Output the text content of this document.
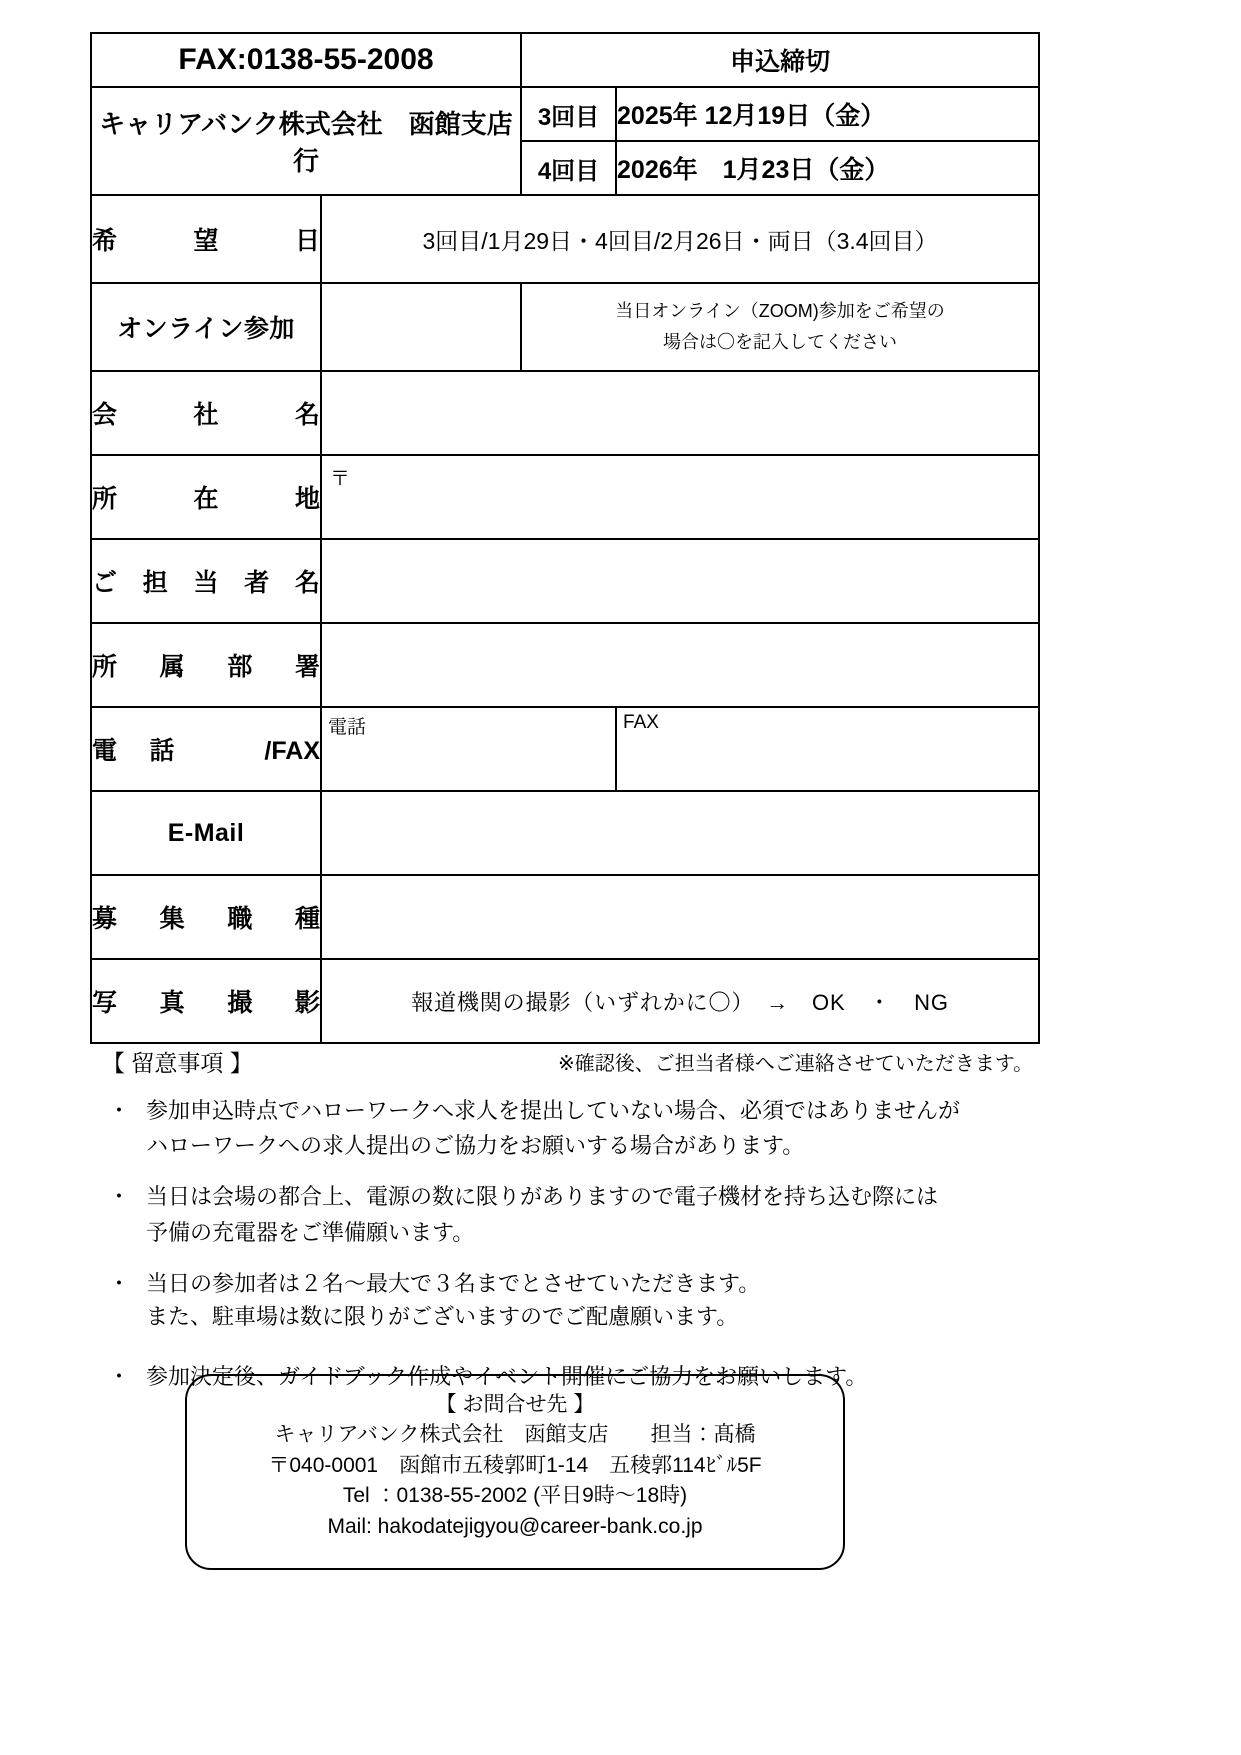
FAX:0138-55-2008		申込締切	
キャリアバンク株式会社　函館支店行		3回目	2025年 12月19日（金）
		4回目	2026年　1月23日（金）
希望日	3回目/1月29日・4回目/2月26日・両日（3.4回目）		
オンライン参加		当日オンライン（ZOOM)参加をご希望の
場合は〇を記入してください	
会社名			
所在地	〒		

ご担当者名			
所属部署			
電話　/FAX	電話		FAX

E-Mail			
募集職種			
写真撮影	報道機関の撮影（いずれかに〇）　→　OK　・　NG		
【 留意事項 】	※確認後、ご担当者様へご連絡させていただきます。
・ 参加申込時点でハローワークへ求人を提出していない場合、必須ではありませんが
ハローワークへの求人提出のご協力をお願いする場合があります。
・ 当日は会場の都合上、電源の数に限りがありますので電子機材を持ち込む際には
予備の充電器をご準備願います。
・ 当日の参加者は２名〜最大で３名までとさせていただきます。
また、駐車場は数に限りがございますのでご配慮願います。
・ 参加決定後、ガイドブック作成やイベント開催にご協力をお願いします。
【 お問合せ先 】
キャリアバンク株式会社　函館支店　　担当：髙橋
〒040-0001　函館市五稜郭町1-14　五稜郭114ﾋﾞﾙ5F
Tel ：0138-55-2002 (平日9時〜18時)
Mail: hakodatejigyou@career-bank.co.jp
